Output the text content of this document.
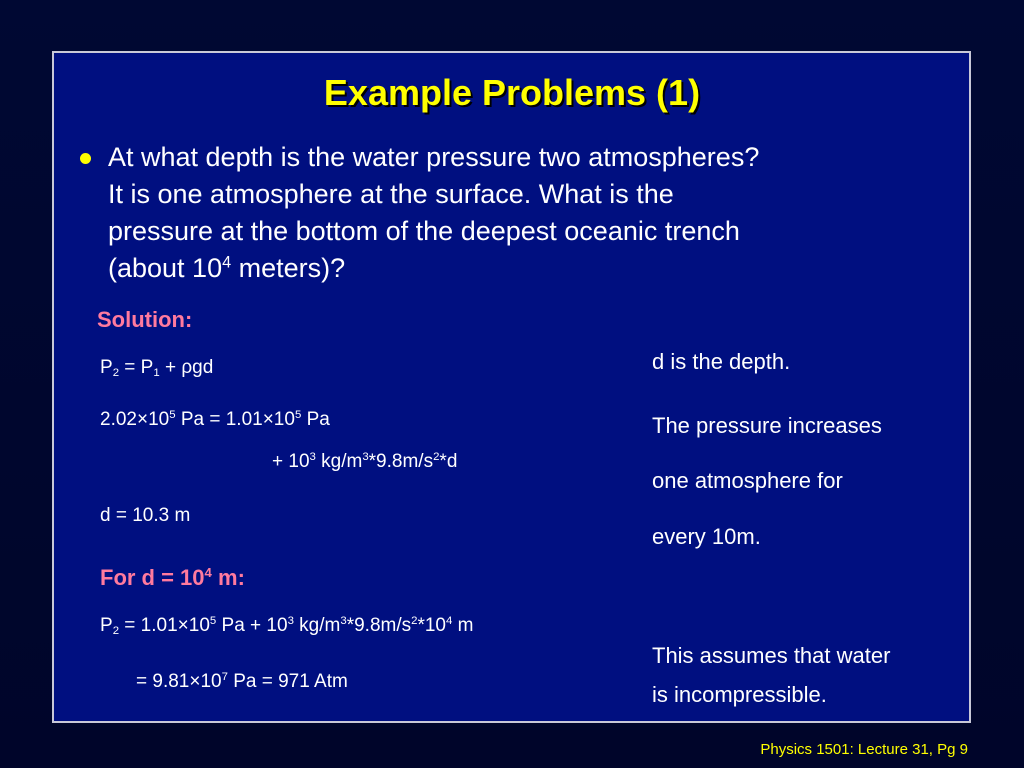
Example Problems (1)
At what depth is the water pressure two atmospheres?
It is one atmosphere at the surface. What is the
pressure at the bottom of the deepest oceanic trench
(about $10^4$ meters)?
Solution:
$P_2 = P_1 + \rho gd$
$2.02\times 10^5$ $Pa = 1.01\times 10^5$ Pa
+ $10^3$ $kg/m^3*9.8m/s^2*d$
d = 10.3 m
For $d = 10^4$ m:
$P_2 = 1.01\times 10^5$ $Pa + 10^3$ $kg/m^3*9.8m/s^2*10^4$ m
= $9.81\times 10^7$ Pa = 971 Atm
d is the depth.
The pressure increases
one atmosphere for
every 10m.
This assumes that water
is incompressible.
Physics 1501: Lecture 31, Pg 9
